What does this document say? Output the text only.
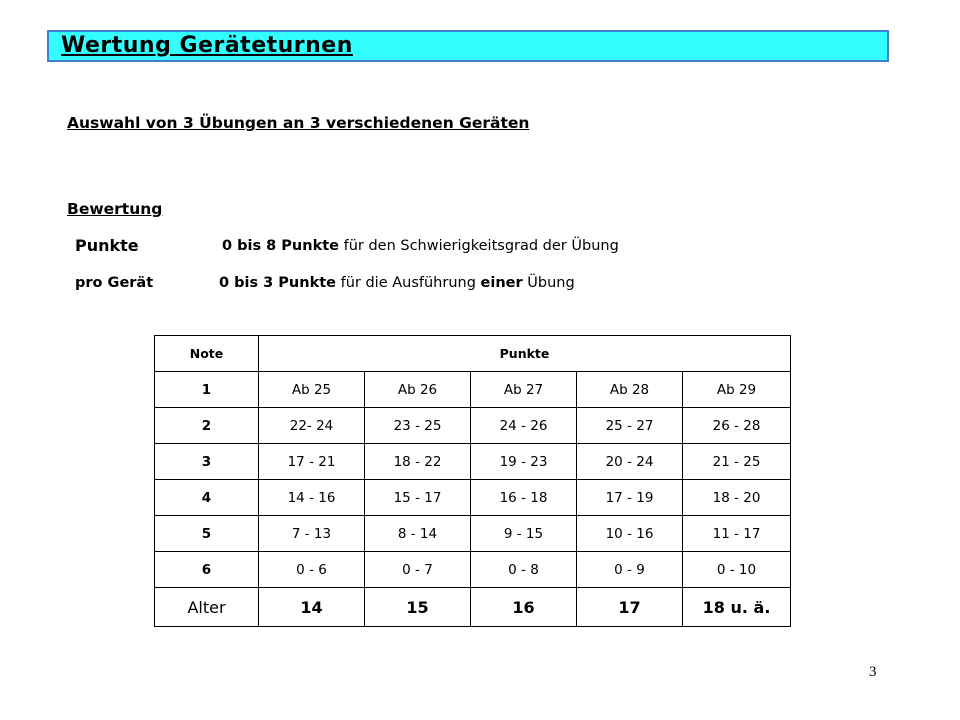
Wertung Geräteturnen
Auswahl von 3 Übungen an 3 verschiedenen Geräten
Bewertung
Punkte	0 bis 8 Punkte für den Schwierigkeitsgrad der Übung
pro Gerät	0 bis 3 Punkte für die Ausführung einer Übung
Note	Punkte				
1	Ab 25	Ab 26	Ab 27	Ab 28	Ab 29
2	22- 24	23 - 25	24 - 26	25 - 27	26 - 28
3	17 - 21	18 - 22	19 - 23	20 - 24	21 - 25
4	14 - 16	15 - 17	16 - 18	17 - 19	18 - 20
5	7 - 13	8 - 14	9 - 15	10 - 16	11 - 17
6	0 - 6	0 - 7	0 - 8	0 - 9	0 - 10
Alter	14	15	16	17	18 u. ä.
3
